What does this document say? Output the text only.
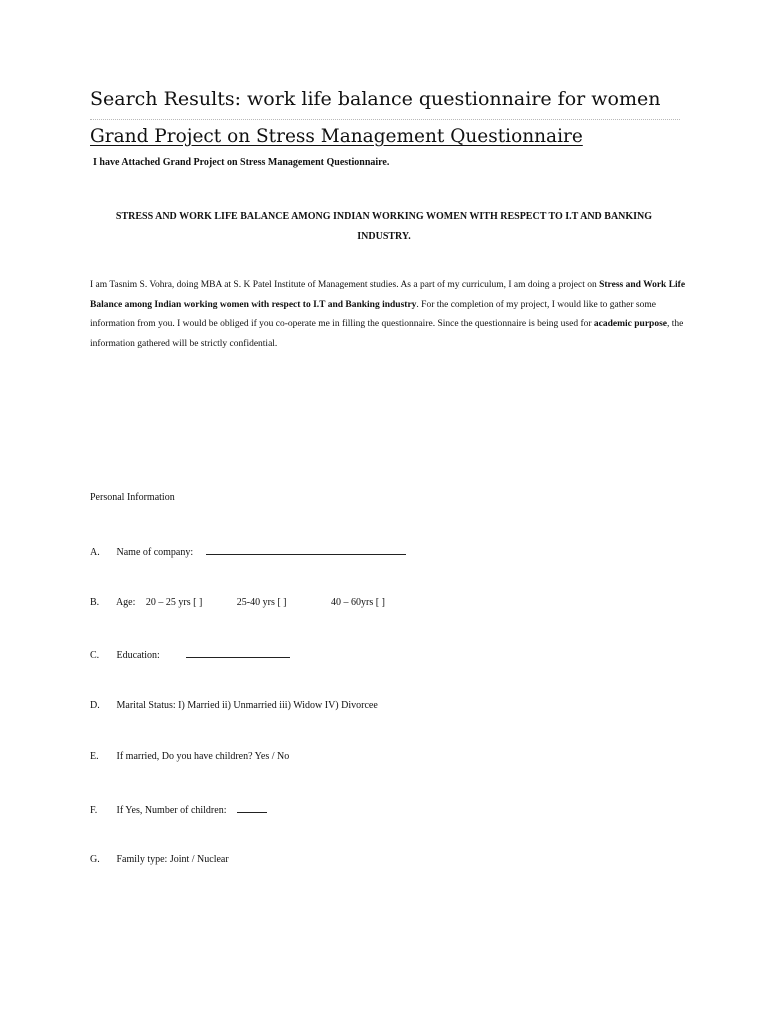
Search Results: work life balance questionnaire for women
Grand Project on Stress Management Questionnaire
I have Attached Grand Project on Stress Management Questionnaire.
STRESS AND WORK LIFE BALANCE AMONG INDIAN WORKING WOMEN WITH RESPECT TO I.T AND BANKING
INDUSTRY.
I am Tasnim S. Vohra, doing MBA at S. K Patel Institute of Management studies. As a part of my curriculum, I am doing a project on Stress and Work Life Balance among Indian working women with respect to I.T and Banking industry. For the completion of my project, I would like to gather some information from you. I would be obliged if you co-operate me in filling the questionnaire. Since the questionnaire is being used for academic purpose, the information gathered will be strictly confidential.
Personal Information
A. Name of company:
B. Age: 20 – 25 yrs [ ]	25-40 yrs [ ]	40 – 60yrs [ ]
C. Education:
D. Marital Status: I) Married ii) Unmarried iii) Widow IV) Divorcee
E. If married, Do you have children? Yes / No
F. If Yes, Number of children:
G. Family type: Joint / Nuclear
